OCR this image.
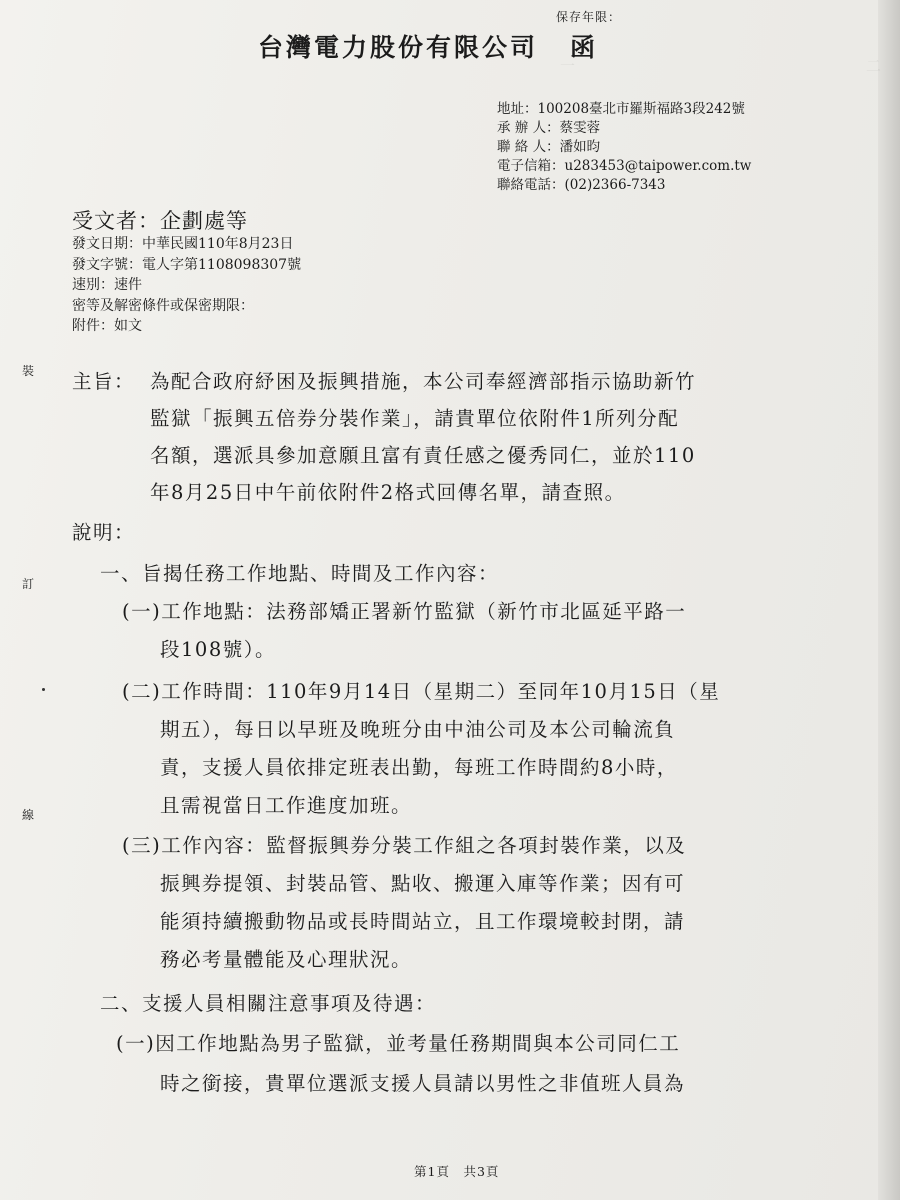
一　　　　　　　　　　　　　　　　　二

保存年限：
台灣電力股份有限公司 函
地址：100208臺北市羅斯福路3段242號
承 辦 人：蔡雯蓉
聯 絡 人：潘如昀
電子信箱：u283453@taipower.com.tw
聯絡電話：(02)2366-7343
受文者：企劃處等
發文日期：中華民國110年8月23日
發文字號：電人字第1108098307號
速別：速件
密等及解密條件或保密期限：
附件：如文
裝
訂
線
主旨： 為配合政府紓困及振興措施，本公司奉經濟部指示協助新竹
監獄「振興五倍券分裝作業」，請貴單位依附件1所列分配
名額，選派具參加意願且富有責任感之優秀同仁，並於110
年8月25日中午前依附件2格式回傳名單，請查照。
說明：
一、旨揭任務工作地點、時間及工作內容：
(一)工作地點：法務部矯正署新竹監獄（新竹市北區延平路一
段108號）。
(二)工作時間：110年9月14日（星期二）至同年10月15日（星
期五），每日以早班及晚班分由中油公司及本公司輪流負
責，支援人員依排定班表出勤，每班工作時間約8小時，
且需視當日工作進度加班。
(三)工作內容：監督振興券分裝工作組之各項封裝作業，以及
振興券提領、封裝品管、點收、搬運入庫等作業；因有可
能須持續搬動物品或長時間站立，且工作環境較封閉，請
務必考量體能及心理狀況。
二、支援人員相關注意事項及待遇：
(一)因工作地點為男子監獄，並考量任務期間與本公司同仁工
時之銜接，貴單位選派支援人員請以男性之非值班人員為
第1頁　共3頁
